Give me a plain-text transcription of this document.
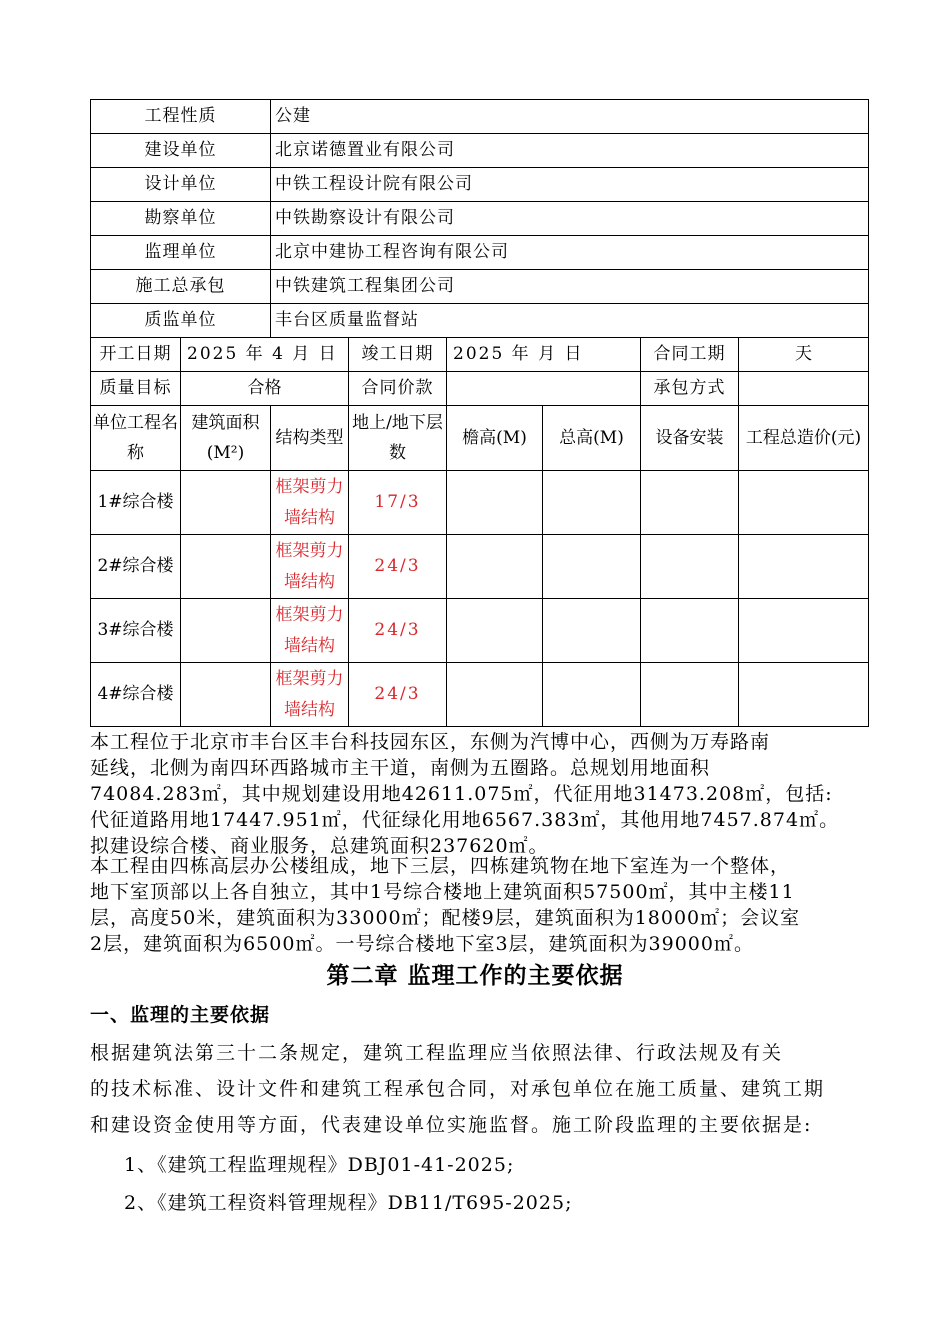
工程性质		公建					
建设单位		北京诺德置业有限公司					
设计单位		中铁工程设计院有限公司					
勘察单位		中铁勘察设计有限公司					
监理单位		北京中建协工程咨询有限公司					
施工总承包		中铁建筑工程集团公司					
质监单位		丰台区质量监督站					
开工日期	2025 年 4 月 日		竣工日期	2025 年 月 日		合同工期	天
质量目标	合格		合同价款			承包方式	
单位工程名称	建筑面积(M²)	结构类型	地上/地下层数	檐高(M)	总高(M)	设备安装	工程总造价(元)
1#综合楼		框架剪力墙结构	17/3				
2#综合楼		框架剪力墙结构	24/3				
3#综合楼		框架剪力墙结构	24/3				
4#综合楼		框架剪力墙结构	24/3				
本工程位于北京市丰台区丰台科技园东区，东侧为汽博中心，西侧为万寿路南
延线，北侧为南四环西路城市主干道，南侧为五圈路。总规划用地面积
74084.283㎡，其中规划建设用地42611.075㎡，代征用地31473.208㎡，包括:
代征道路用地17447.951㎡，代征绿化用地6567.383㎡，其他用地7457.874㎡。
拟建设综合楼、商业服务，总建筑面积237620㎡。
本工程由四栋高层办公楼组成，地下三层，四栋建筑物在地下室连为一个整体，
地下室顶部以上各自独立，其中1号综合楼地上建筑面积57500㎡，其中主楼11
层，高度50米，建筑面积为33000㎡；配楼9层，建筑面积为18000㎡；会议室
2层，建筑面积为6500㎡。一号综合楼地下室3层，建筑面积为39000㎡。
第二章 监理工作的主要依据
一、监理的主要依据
根据建筑法第三十二条规定，建筑工程监理应当依照法律、行政法规及有关
的技术标准、设计文件和建筑工程承包合同，对承包单位在施工质量、建筑工期
和建设资金使用等方面，代表建设单位实施监督。施工阶段监理的主要依据是:
1、《建筑工程监理规程》DBJ01-41-2025;
2、《建筑工程资料管理规程》DB11/T695-2025;
